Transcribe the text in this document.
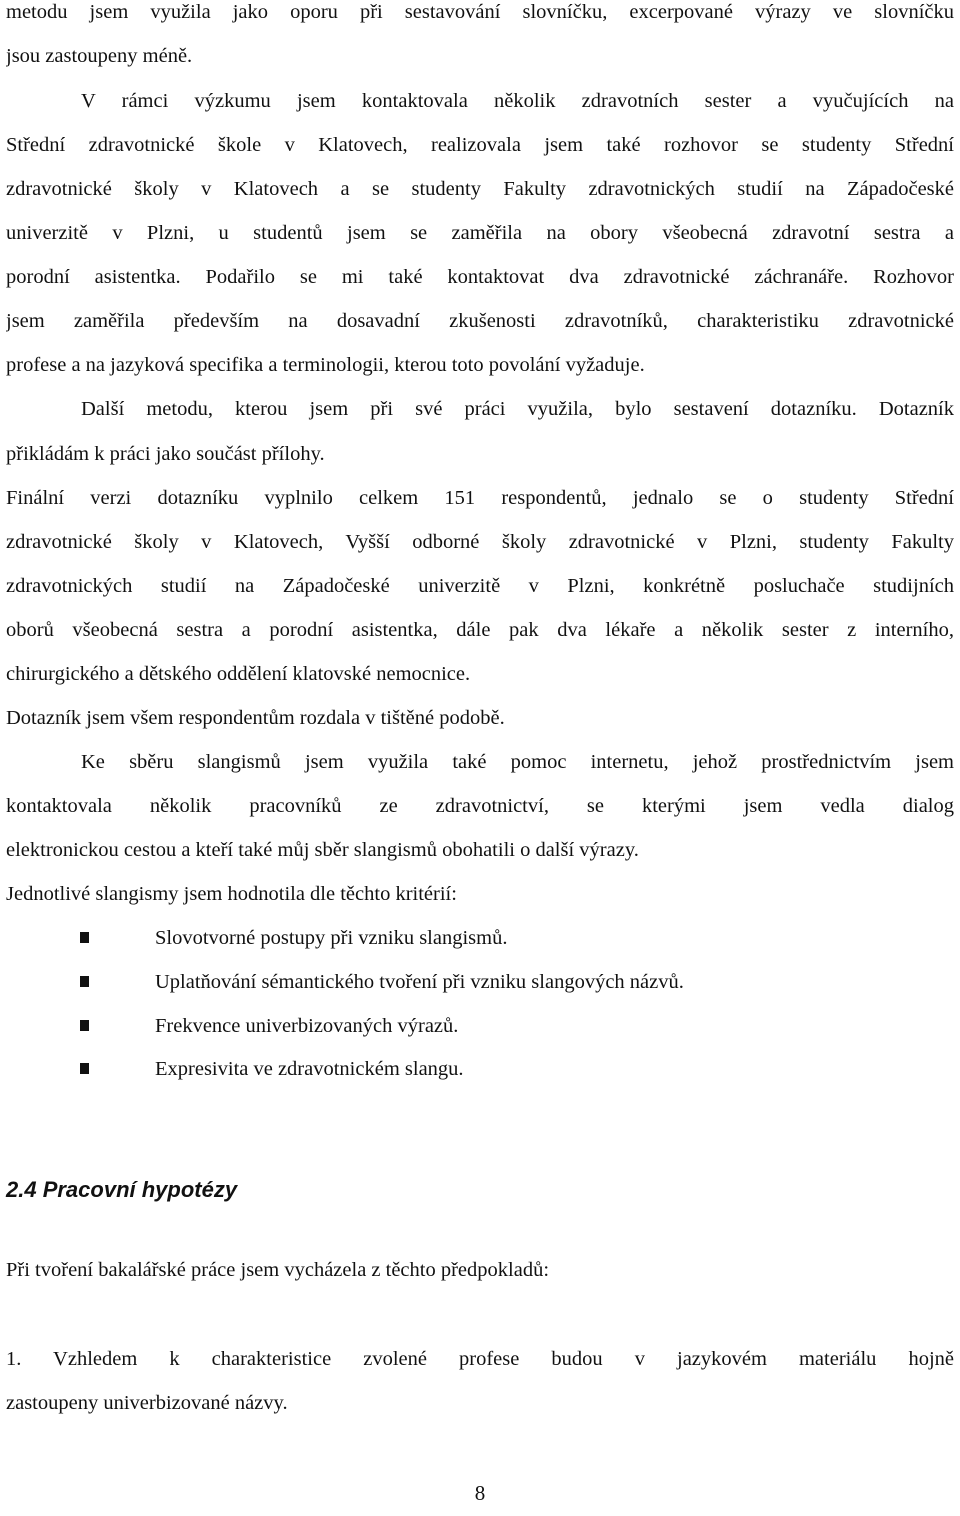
metodu jsem využila jako oporu při sestavování slovníčku, excerpované výrazy ve slovníčku
jsou zastoupeny méně.
V rámci výzkumu jsem kontaktovala několik zdravotních sester a vyučujících na
Střední zdravotnické škole v Klatovech, realizovala jsem také rozhovor se studenty Střední
zdravotnické školy v Klatovech a se studenty Fakulty zdravotnických studií na Západočeské
univerzitě v Plzni, u studentů jsem se zaměřila na obory všeobecná zdravotní sestra a
porodní asistentka. Podařilo se mi také kontaktovat dva zdravotnické záchranáře. Rozhovor
jsem zaměřila především na dosavadní zkušenosti zdravotníků, charakteristiku zdravotnické
profese a na jazyková specifika a terminologii, kterou toto povolání vyžaduje.
Další metodu, kterou jsem při své práci využila, bylo sestavení dotazníku. Dotazník
přikládám k práci jako součást přílohy.
Finální verzi dotazníku vyplnilo celkem 151 respondentů, jednalo se o studenty Střední
zdravotnické školy v Klatovech, Vyšší odborné školy zdravotnické v Plzni, studenty Fakulty
zdravotnických studií na Západočeské univerzitě v Plzni, konkrétně posluchače studijních
oborů všeobecná sestra a porodní asistentka, dále pak dva lékaře a několik sester z interního,
chirurgického a dětského oddělení klatovské nemocnice.
Dotazník jsem všem respondentům rozdala v tištěné podobě.
Ke sběru slangismů jsem využila také pomoc internetu, jehož prostřednictvím jsem
kontaktovala několik pracovníků ze zdravotnictví, se kterými jsem vedla dialog
elektronickou cestou a kteří také můj sběr slangismů obohatili o další výrazy.
Jednotlivé slangismy jsem hodnotila dle těchto kritérií:
Slovotvorné postupy při vzniku slangismů.
Uplatňování sémantického tvoření při vzniku slangových názvů.
Frekvence univerbizovaných výrazů.
Expresivita ve zdravotnickém slangu.
2.4 Pracovní hypotézy
Při tvoření bakalářské práce jsem vycházela z těchto předpokladů:
1. Vzhledem k charakteristice zvolené profese budou v jazykovém materiálu hojně
zastoupeny univerbizované názvy.
8
